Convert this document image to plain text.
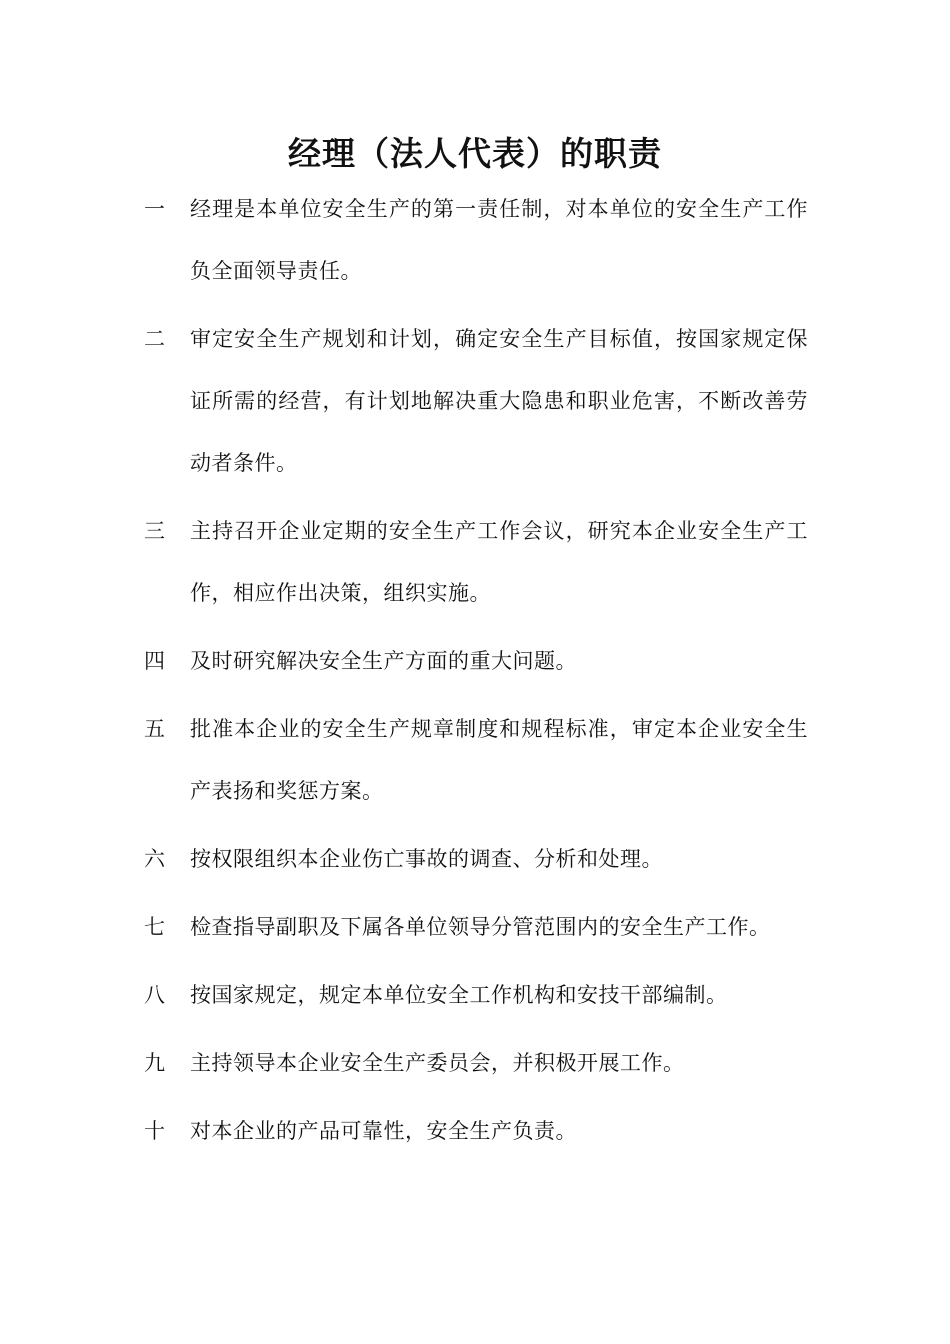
经理（法人代表）的职责
一	经理是本单位安全生产的第一责任制，对本单位的安全生产工作负全面领导责任。
二	审定安全生产规划和计划，确定安全生产目标值，按国家规定保证所需的经营，有计划地解决重大隐患和职业危害，不断改善劳动者条件。
三	主持召开企业定期的安全生产工作会议，研究本企业安全生产工作，相应作出决策，组织实施。
四	及时研究解决安全生产方面的重大问题。
五	批准本企业的安全生产规章制度和规程标准，审定本企业安全生产表扬和奖惩方案。
六	按权限组织本企业伤亡事故的调查、分析和处理。
七	检查指导副职及下属各单位领导分管范围内的安全生产工作。
八	按国家规定，规定本单位安全工作机构和安技干部编制。
九	主持领导本企业安全生产委员会，并积极开展工作。
十	对本企业的产品可靠性，安全生产负责。
